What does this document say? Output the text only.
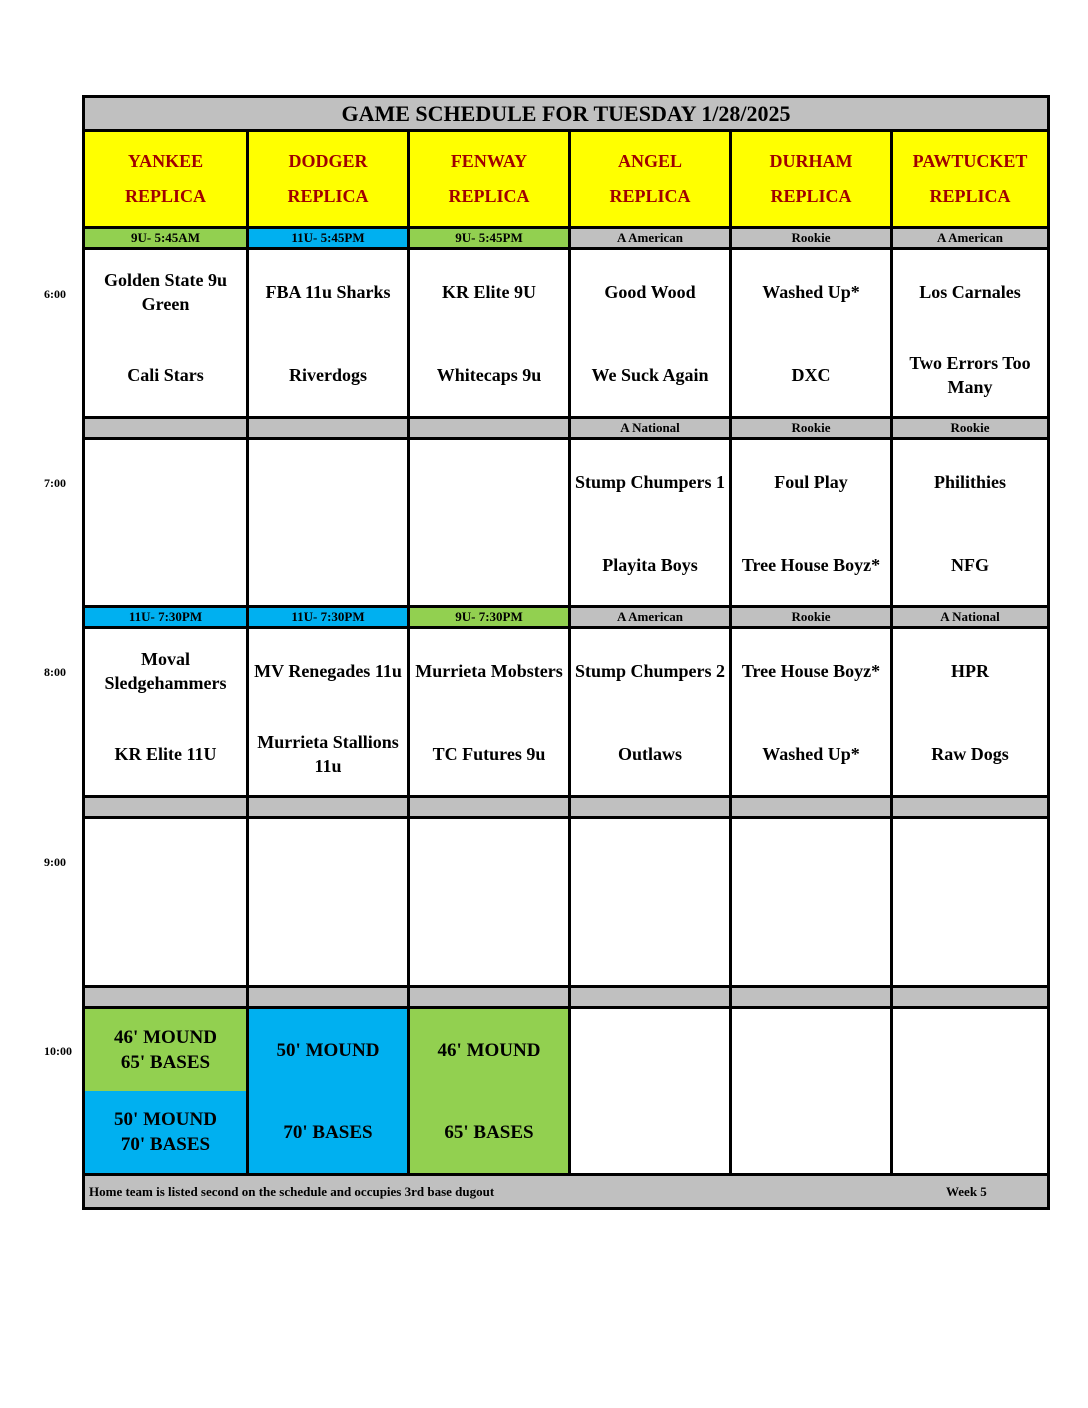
GAME SCHEDULE FOR TUESDAY 1/28/2025
YANKEE
REPLICA
DODGER
REPLICA
FENWAY
REPLICA
ANGEL
REPLICA
DURHAM
REPLICA
PAWTUCKET
REPLICA
9U- 5:45AM
Golden State 9u Green
Cali Stars
11U- 5:45PM
FBA 11u Sharks
Riverdogs
9U- 5:45PM
KR Elite 9U
Whitecaps 9u
A American
Good Wood
We Suck Again
Rookie
Washed Up*
DXC
A American
Los Carnales
Two Errors Too Many
A National
Stump Chumpers 1
Playita Boys
Rookie
Foul Play
Tree House Boyz*
Rookie
Philithies
NFG
11U- 7:30PM
Moval Sledgehammers
KR Elite 11U
11U- 7:30PM
MV Renegades 11u
Murrieta Stallions 11u
9U- 7:30PM
Murrieta Mobsters
TC Futures 9u
A American
Stump Chumpers 2
Outlaws
Rookie
Tree House Boyz*
Washed Up*
A National
HPR
Raw Dogs
46' MOUND 65' BASES
50' MOUND 70' BASES
50' MOUND
70' BASES
46' MOUND
65' BASES
Home team is listed second on the schedule and occupies 3rd base dugout	Week 5
6:00
7:00
8:00
9:00
10:00
